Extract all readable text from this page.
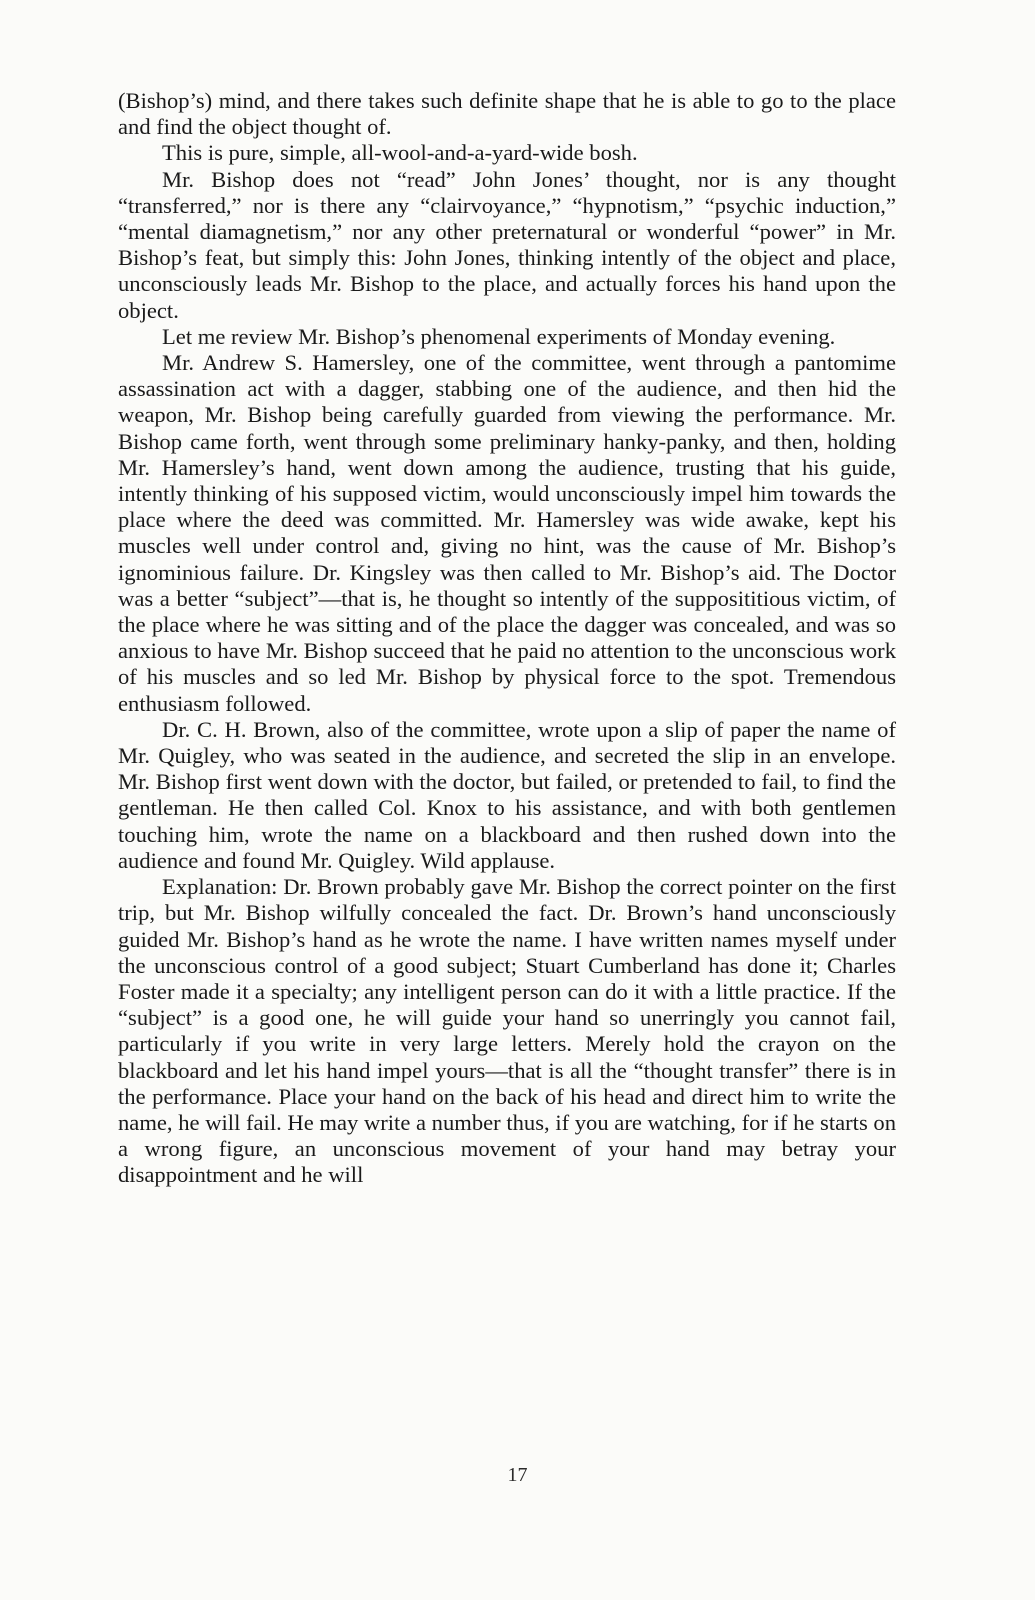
(Bishop’s) mind, and there takes such definite shape that he is able to go to the place and find the object thought of.

This is pure, simple, all-wool-and-a-yard-wide bosh.

Mr. Bishop does not “read” John Jones’ thought, nor is any thought “transferred,” nor is there any “clairvoyance,” “hypnotism,” “psychic induction,” “mental diamagnetism,” nor any other preternatural or wonderful “power” in Mr. Bishop’s feat, but simply this: John Jones, thinking intently of the object and place, unconsciously leads Mr. Bishop to the place, and actually forces his hand upon the object.

Let me review Mr. Bishop’s phenomenal experiments of Monday evening.

Mr. Andrew S. Hamersley, one of the committee, went through a pantomime assassination act with a dagger, stabbing one of the audience, and then hid the weapon, Mr. Bishop being carefully guarded from viewing the performance. Mr. Bishop came forth, went through some preliminary hanky-panky, and then, holding Mr. Hamersley’s hand, went down among the audience, trusting that his guide, intently thinking of his supposed victim, would unconsciously impel him towards the place where the deed was committed. Mr. Hamersley was wide awake, kept his muscles well under control and, giving no hint, was the cause of Mr. Bishop’s ignominious failure. Dr. Kingsley was then called to Mr. Bishop’s aid. The Doctor was a better “subject”—that is, he thought so intently of the supposititious victim, of the place where he was sitting and of the place the dagger was concealed, and was so anxious to have Mr. Bishop succeed that he paid no attention to the unconscious work of his muscles and so led Mr. Bishop by physical force to the spot. Tremendous enthusiasm followed.

Dr. C. H. Brown, also of the committee, wrote upon a slip of paper the name of Mr. Quigley, who was seated in the audience, and secreted the slip in an envelope. Mr. Bishop first went down with the doctor, but failed, or pretended to fail, to find the gentleman. He then called Col. Knox to his assistance, and with both gentlemen touching him, wrote the name on a blackboard and then rushed down into the audience and found Mr. Quigley. Wild applause.

Explanation: Dr. Brown probably gave Mr. Bishop the correct pointer on the first trip, but Mr. Bishop wilfully concealed the fact. Dr. Brown’s hand unconsciously guided Mr. Bishop’s hand as he wrote the name. I have written names myself under the unconscious control of a good subject; Stuart Cumberland has done it; Charles Foster made it a specialty; any intelligent person can do it with a little practice. If the “subject” is a good one, he will guide your hand so unerringly you cannot fail, particularly if you write in very large letters. Merely hold the crayon on the blackboard and let his hand impel yours—that is all the “thought transfer” there is in the performance. Place your hand on the back of his head and direct him to write the name, he will fail. He may write a number thus, if you are watching, for if he starts on a wrong figure, an unconscious movement of your hand may betray your disappointment and he will

17
